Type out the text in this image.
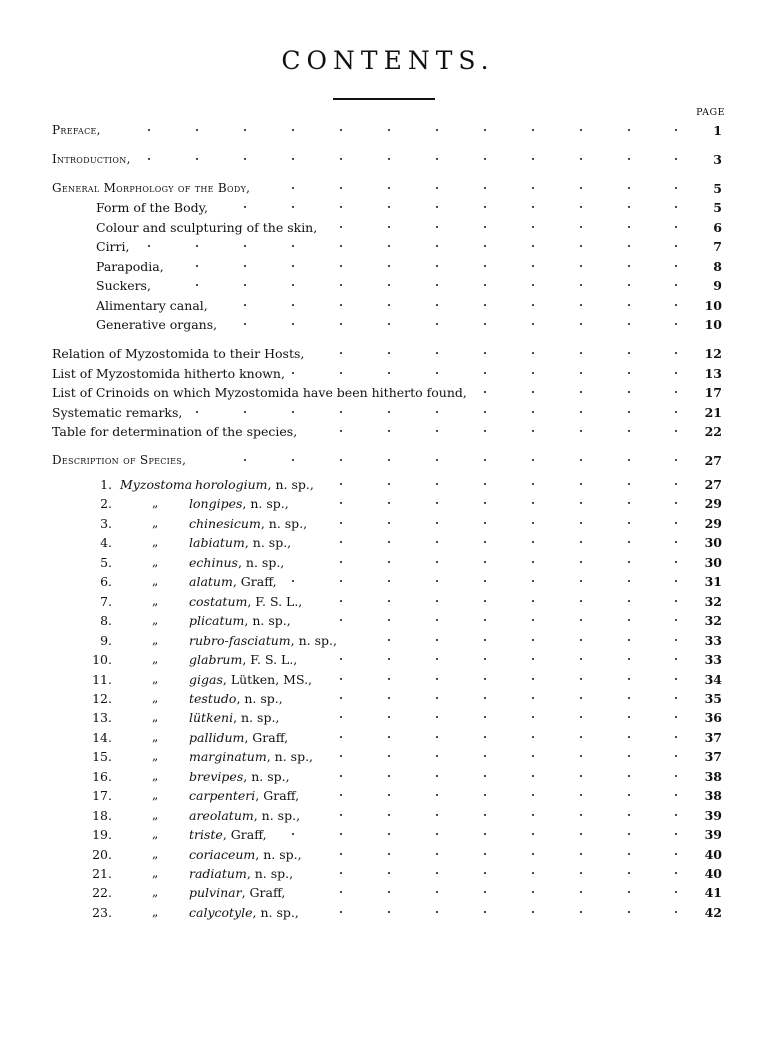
CONTENTS.
PAGE
Preface,	1
Introduction,	3
General Morphology of the Body,	5
Form of the Body,	5
Colour and sculpturing of the skin,	6
Cirri,	7
Parapodia,	8
Suckers,	9
Alimentary canal,	10
Generative organs,	10
Relation of Myzostomida to their Hosts,	12
List of Myzostomida hitherto known,	13
List of Crinoids on which Myzostomida have been hitherto found,	17
Systematic remarks,	21
Table for determination of the species,	22
Description of Species,	27
1. Myzostoma horologium, n. sp.,	27
2.	„ longipes, n. sp.,	29
3.	„ chinesicum, n. sp.,	29
4.	„ labiatum, n. sp.,	30
5.	„ echinus, n. sp.,	30
6.	„ alatum, Graff,	31
7.	„ costatum, F. S. L.,	32
8.	„ plicatum, n. sp.,	32
9.	„ rubro-fasciatum, n. sp.,	33
10.	„ glabrum, F. S. L.,	33
11.	„ gigas, Lütken, MS.,	34
12.	„ testudo, n. sp.,	35
13.	„ lütkeni, n. sp.,	36
14.	„ pallidum, Graff,	37
15.	„ marginatum, n. sp.,	37
16.	„ brevipes, n. sp.,	38
17.	„ carpenteri, Graff,	38
18.	„ areolatum, n. sp.,	39
19.	„ triste, Graff,	39
20.	„ coriaceum, n. sp.,	40
21.	„ radiatum, n. sp.,	40
22.	„ pulvinar, Graff,	41
23.	„ calycotyle, n. sp.,	42
